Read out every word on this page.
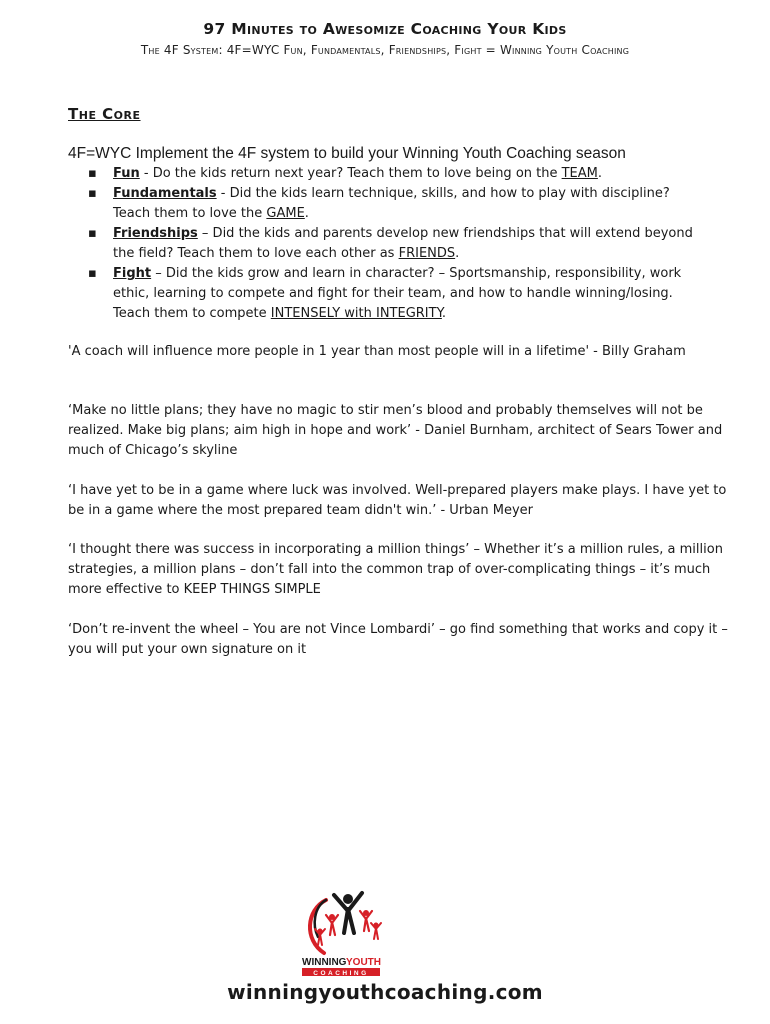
97 Minutes to Awesomize Coaching Your Kids
The 4F System: 4F=WYC Fun, Fundamentals, Friendships, Fight = Winning Youth Coaching
The Core
4F=WYC Implement the 4F system to build your Winning Youth Coaching season
▪ Fun - Do the kids return next year? Teach them to love being on the TEAM.
▪ Fundamentals - Did the kids learn technique, skills, and how to play with discipline? Teach them to love the GAME.
▪ Friendships – Did the kids and parents develop new friendships that will extend beyond the field? Teach them to love each other as FRIENDS.
▪ Fight – Did the kids grow and learn in character? – Sportsmanship, responsibility, work ethic, learning to compete and fight for their team, and how to handle winning/losing. Teach them to compete INTENSELY with INTEGRITY.
'A coach will influence more people in 1 year than most people will in a lifetime' - Billy Graham
‘Make no little plans; they have no magic to stir men’s blood and probably themselves will not be realized. Make big plans; aim high in hope and work’ - Daniel Burnham, architect of Sears Tower and much of Chicago’s skyline
‘I have yet to be in a game where luck was involved. Well-prepared players make plays. I have yet to be in a game where the most prepared team didn't win.’ - Urban Meyer
‘I thought there was success in incorporating a million things’ – Whether it’s a million rules, a million strategies, a million plans – don’t fall into the common trap of over-complicating things – it’s much more effective to KEEP THINGS SIMPLE
‘Don’t re-invent the wheel – You are not Vince Lombardi’ – go find something that works and copy it – you will put your own signature on it
WINNING YOUTH
COACHING
winningyouthcoaching.com
